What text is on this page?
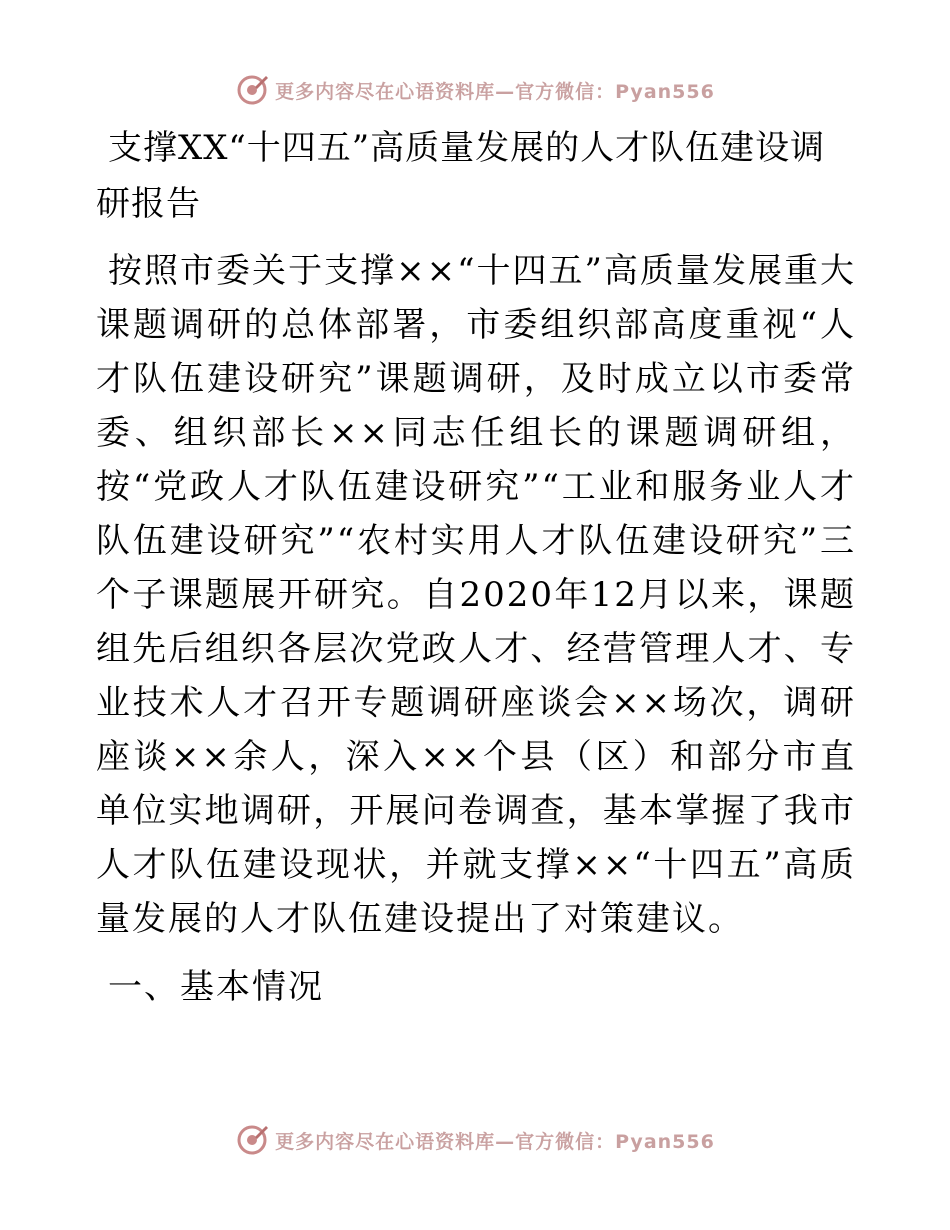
更多内容尽在心语资料库—官方微信：Pyan556
支撑XX“十四五”高质量发展的人才队伍建设调研报告

按照市委关于支撑××“十四五”高质量发展重大课题调研的总体部署，市委组织部高度重视“人才队伍建设研究”课题调研，及时成立以市委常委、组织部长××同志任组长的课题调研组，按“党政人才队伍建设研究”“工业和服务业人才队伍建设研究”“农村实用人才队伍建设研究”三个子课题展开研究。自2020年12月以来，课题组先后组织各层次党政人才、经营管理人才、专业技术人才召开专题调研座谈会××场次，调研座谈××余人，深入××个县（区）和部分市直单位实地调研，开展问卷调查，基本掌握了我市人才队伍建设现状，并就支撑××“十四五”高质量发展的人才队伍建设提出了对策建议。

一、基本情况
更多内容尽在心语资料库—官方微信：Pyan556
